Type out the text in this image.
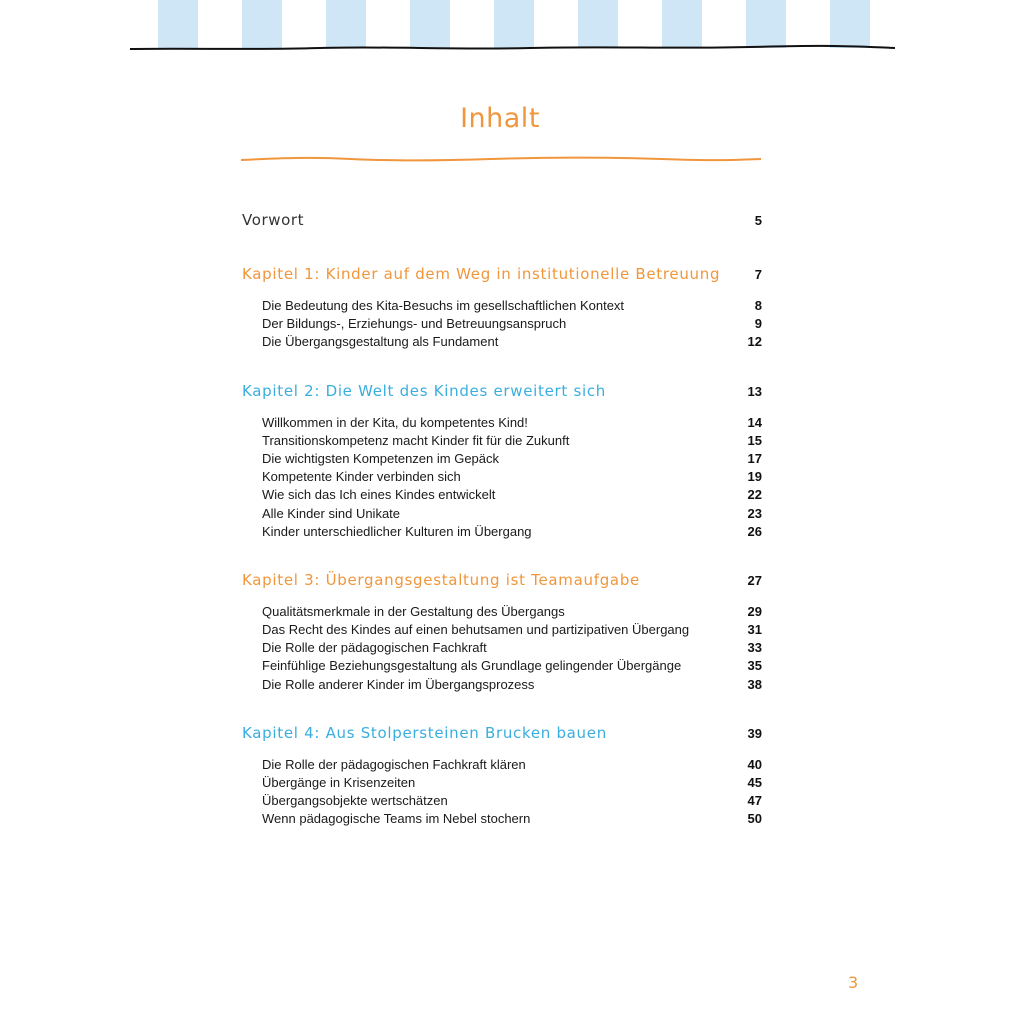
Inhalt
Vorwort	5
Kapitel 1: Kinder auf dem Weg in institutionelle Betreuung	7
Die Bedeutung des Kita-Besuchs im gesellschaftlichen Kontext	8
Der Bildungs-, Erziehungs- und Betreuungsanspruch	9
Die Übergangsgestaltung als Fundament	12
Kapitel 2: Die Welt des Kindes erweitert sich	13
Willkommen in der Kita, du kompetentes Kind!	14
Transitionskompetenz macht Kinder fit für die Zukunft	15
Die wichtigsten Kompetenzen im Gepäck	17
Kompetente Kinder verbinden sich	19
Wie sich das Ich eines Kindes entwickelt	22
Alle Kinder sind Unikate	23
Kinder unterschiedlicher Kulturen im Übergang	26
Kapitel 3: Übergangsgestaltung ist Teamaufgabe	27
Qualitätsmerkmale in der Gestaltung des Übergangs	29
Das Recht des Kindes auf einen behutsamen und partizipativen Übergang	31
Die Rolle der pädagogischen Fachkraft	33
Feinfühlige Beziehungsgestaltung als Grundlage gelingender Übergänge	35
Die Rolle anderer Kinder im Übergangsprozess	38
Kapitel 4: Aus Stolpersteinen Brucken bauen	39
Die Rolle der pädagogischen Fachkraft klären	40
Übergänge in Krisenzeiten	45
Übergangsobjekte wertschätzen	47
Wenn pädagogische Teams im Nebel stochern	50
3
